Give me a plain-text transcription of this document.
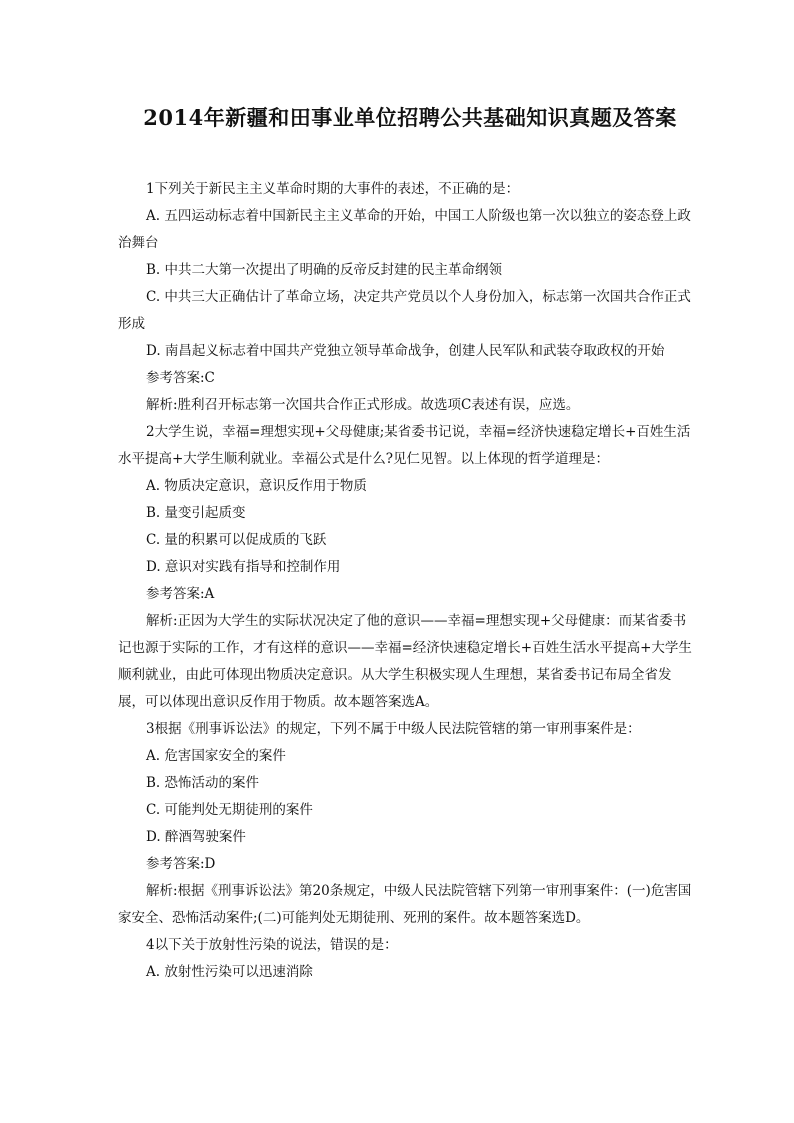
2014年新疆和田事业单位招聘公共基础知识真题及答案

1下列关于新民主主义革命时期的大事件的表述，不正确的是：

A. 五四运动标志着中国新民主主义革命的开始，中国工人阶级也第一次以独立的姿态登上政治舞台

B. 中共二大第一次提出了明确的反帝反封建的民主革命纲领

C. 中共三大正确估计了革命立场，决定共产党员以个人身份加入，标志第一次国共合作正式形成

D. 南昌起义标志着中国共产党独立领导革命战争，创建人民军队和武装夺取政权的开始

参考答案:C

解析:胜利召开标志第一次国共合作正式形成。故选项C表述有误，应选。

2大学生说，幸福=理想实现+父母健康;某省委书记说，幸福=经济快速稳定增长+百姓生活水平提高+大学生顺利就业。幸福公式是什么?见仁见智。以上体现的哲学道理是：

A. 物质决定意识，意识反作用于物质

B. 量变引起质变

C. 量的积累可以促成质的飞跃

D. 意识对实践有指导和控制作用

参考答案:A

解析:正因为大学生的实际状况决定了他的意识——幸福=理想实现+父母健康：而某省委书记也源于实际的工作，才有这样的意识——幸福=经济快速稳定增长+百姓生活水平提高+大学生顺利就业，由此可体现出物质决定意识。从大学生积极实现人生理想，某省委书记布局全省发展，可以体现出意识反作用于物质。故本题答案选A。

3根据《刑事诉讼法》的规定，下列不属于中级人民法院管辖的第一审刑事案件是：

A. 危害国家安全的案件

B. 恐怖活动的案件

C. 可能判处无期徒刑的案件

D. 醉酒驾驶案件

参考答案:D

解析:根据《刑事诉讼法》第20条规定，中级人民法院管辖下列第一审刑事案件：(一)危害国家安全、恐怖活动案件;(二)可能判处无期徒刑、死刑的案件。故本题答案选D。

4以下关于放射性污染的说法，错误的是：

A. 放射性污染可以迅速消除
